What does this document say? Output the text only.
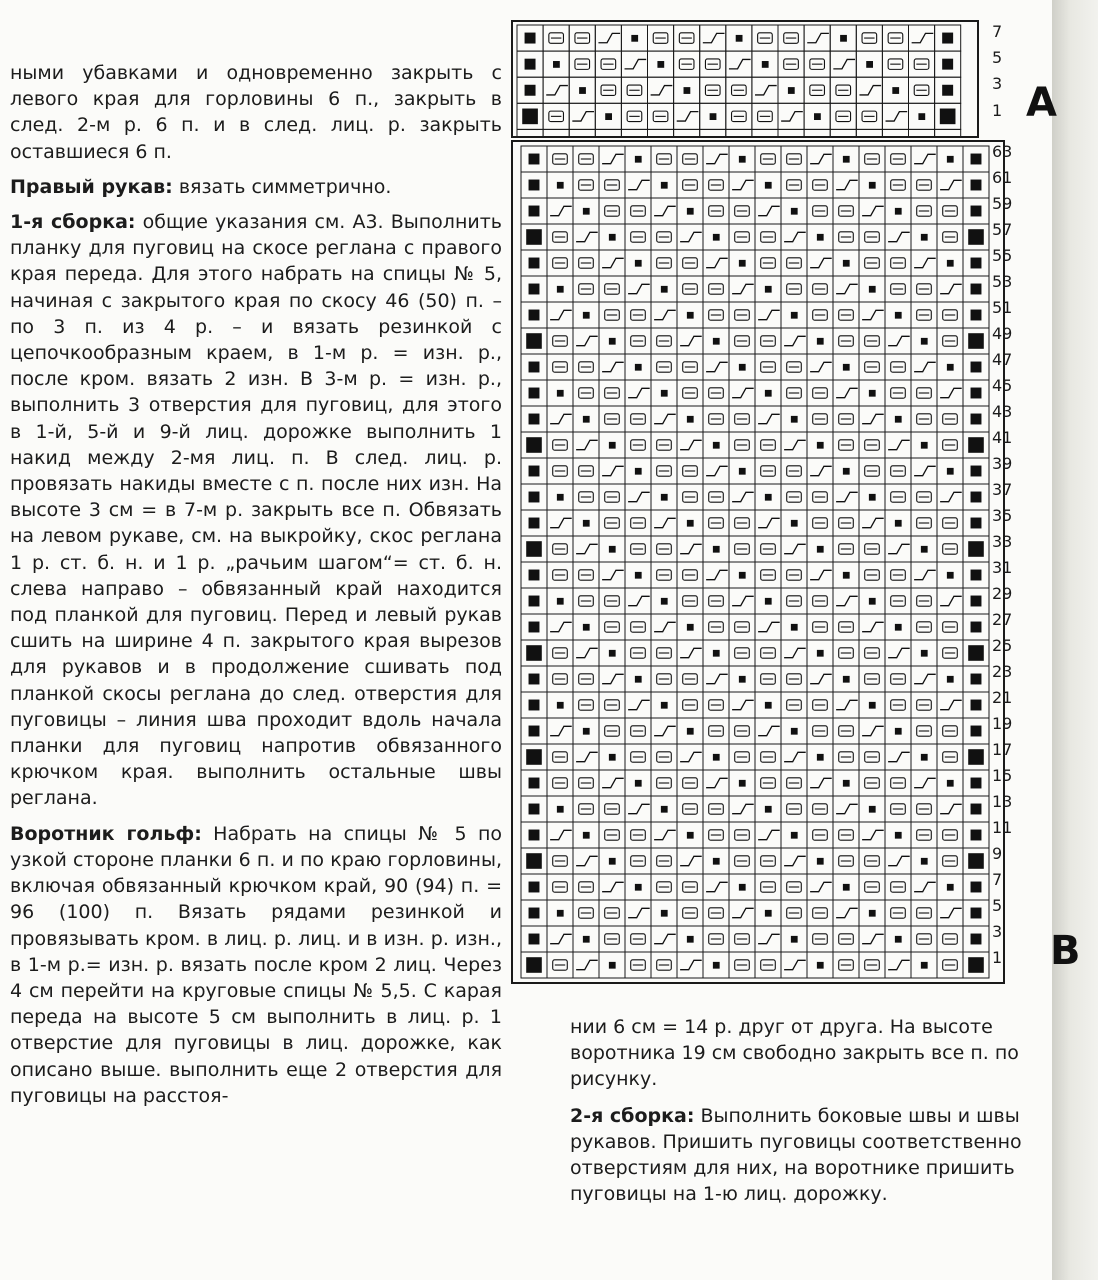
ными убавками и одновременно закрыть с левого края для горловины 6 п., закрыть в след. 2-м р. 6 п. и в след. лиц. р. закрыть оставшиеся 6 п.

Правый рукав: вязать симметрично.

1-я сборка: общие указания см. А3. Выполнить планку для пуговиц на скосе реглана с правого края переда. Для этого набрать на спицы № 5, начиная с закрытого края по скосу 46 (50) п. – по 3 п. из 4 р. – и вязать резинкой с цепочкообразным краем, в 1-м р. = изн. р., после кром. вязать 2 изн. В 3-м р. = изн. р., выполнить 3 отверстия для пуговиц, для этого в 1-й, 5-й и 9-й лиц. дорожке выполнить 1 накид между 2-мя лиц. п. В след. лиц. р. провязать накиды вместе с п. после них изн. На высоте 3 см = в 7-м р. закрыть все п. Обвязать на левом рукаве, см. на выкройку, скос реглана 1 р. ст. б. н. и 1 р. „рачьим шагом“= ст. б. н. слева направо – обвязанный край находится под планкой для пуговиц. Перед и левый рукав сшить на ширине 4 п. закрытого края вырезов для рукавов и в продолжение сшивать под планкой скосы реглана до след. отверстия для пуговицы – линия шва проходит вдоль начала планки для пуговиц напротив обвязанного крючком края. выполнить остальные швы реглана.

Воротник гольф: Набрать на спицы № 5 по узкой стороне планки 6 п. и по краю горловины, включая обвязанный крючком край, 90 (94) п. = 96 (100) п. Вязать рядами резинкой и провязывать кром. в лиц. р. лиц. и в изн. р. изн., в 1-м р.= изн. р. вязать после кром 2 лиц. Через 4 см перейти на круговые спицы № 5,5. С карая переда на высоте 5 см выполнить в лиц. р. 1 отверстие для пуговицы в лиц. дорожке, как описано выше. выполнить еще 2 отверстия для пуговицы на расстоя-

7
5
3
1 A
63
61
59
57
55
53
51
49
47
45
43
41
39
37
35
33
31
29
27
25
23
21
19
17
15
13
11
9
7
5
3
1 B

нии 6 см = 14 р. друг от друга. На высоте воротника 19 см свободно закрыть все п. по рисунку.

2-я сборка: Выполнить боковые швы и швы рукавов. Пришить пуговицы соответственно отверстиям для них, на воротнике пришить пуговицы на 1-ю лиц. дорожку.
